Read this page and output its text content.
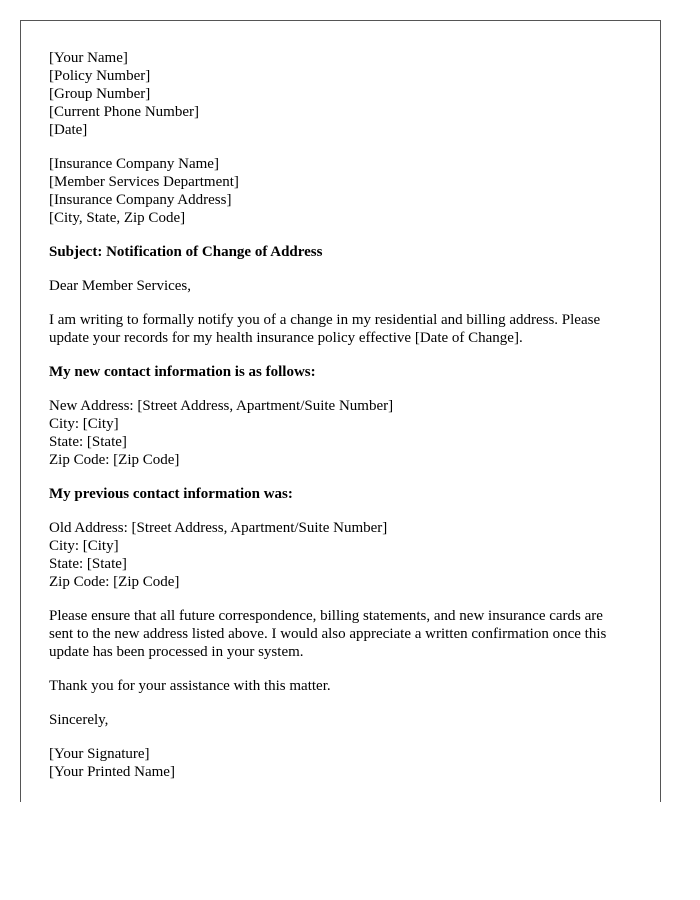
[Your Name]
[Policy Number]
[Group Number]
[Current Phone Number]
[Date]
[Insurance Company Name]
[Member Services Department]
[Insurance Company Address]
[City, State, Zip Code]
Subject: Notification of Change of Address
Dear Member Services,
I am writing to formally notify you of a change in my residential and billing address. Please update your records for my health insurance policy effective [Date of Change].
My new contact information is as follows:
New Address: [Street Address, Apartment/Suite Number]
City: [City]
State: [State]
Zip Code: [Zip Code]
My previous contact information was:
Old Address: [Street Address, Apartment/Suite Number]
City: [City]
State: [State]
Zip Code: [Zip Code]
Please ensure that all future correspondence, billing statements, and new insurance cards are sent to the new address listed above. I would also appreciate a written confirmation once this update has been processed in your system.
Thank you for your assistance with this matter.
Sincerely,
[Your Signature]
[Your Printed Name]
